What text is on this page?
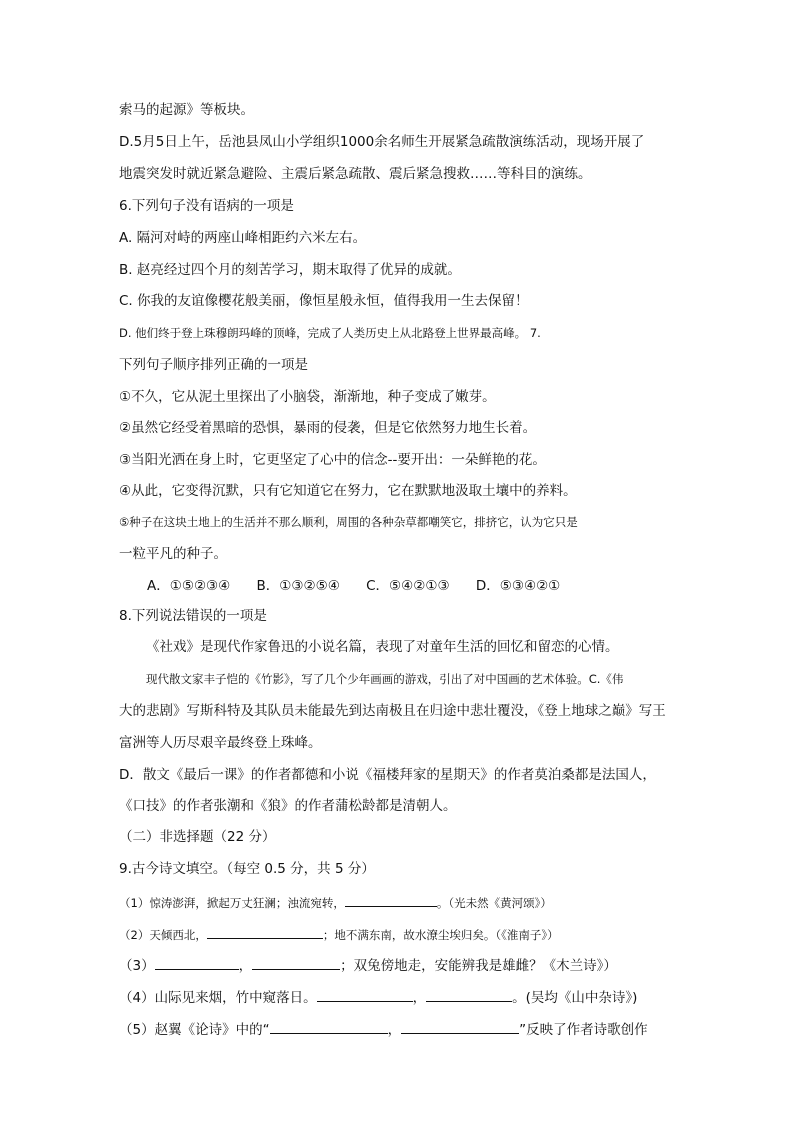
索马的起源》等板块。
D.5月5日上午，岳池县凤山小学组织1000余名师生开展紧急疏散演练活动，现场开展了
地震突发时就近紧急避险、主震后紧急疏散、震后紧急搜救……等科目的演练。
6.下列句子没有语病的一项是
A. 隔河对峙的两座山峰相距约六米左右。
B. 赵亮经过四个月的刻苦学习，期末取得了优异的成就。
C. 你我的友谊像樱花般美丽，像恒星般永恒，值得我用一生去保留！
D. 他们终于登上珠穆朗玛峰的顶峰，完成了人类历史上从北路登上世界最高峰。 7.
下列句子顺序排列正确的一项是
①不久，它从泥土里探出了小脑袋，渐渐地，种子变成了嫩芽。
②虽然它经受着黑暗的恐惧，暴雨的侵袭，但是它依然努力地生长着。
③当阳光洒在身上时，它更坚定了心中的信念--要开出：一朵鲜艳的花。
④从此，它变得沉默，只有它知道它在努力，它在默默地汲取土壤中的养料。
⑤种子在这块土地上的生活并不那么顺利，周围的各种杂草都嘲笑它，排挤它，认为它只是
一粒平凡的种子。
A．①⑤②③④ B．①③②⑤④ C．⑤④②①③ D．⑤③④②①
8.下列说法错误的一项是
《社戏》是现代作家鲁迅的小说名篇，表现了对童年生活的回忆和留恋的心情。
现代散文家丰子恺的《竹影》，写了几个少年画画的游戏，引出了对中国画的艺术体验。C.《伟
大的悲剧》写斯科特及其队员未能最先到达南极且在归途中悲壮覆没，《登上地球之巅》写王
富洲等人历尽艰辛最终登上珠峰。
D．散文《最后一课》的作者都德和小说《福楼拜家的星期天》的作者莫泊桑都是法国人，
《口技》的作者张潮和《狼》的作者蒲松龄都是清朝人。
（二）非选择题（22 分）
9.古今诗文填空。（每空 0.5 分，共 5 分）
（1）惊涛澎湃，掀起万丈狂澜；浊流宛转，	。（光未然《黄河颂》）
（2）天倾西北，	；地不满东南，故水潦尘埃归矣。（《淮南子》）
（3）	，	；双兔傍地走，安能辨我是雄雌？《木兰诗》）
（4）山际见来烟，竹中窥落日。	，	。(吴均《山中杂诗》)
（5）赵翼《论诗》中的“	，	”反映了作者诗歌创作
